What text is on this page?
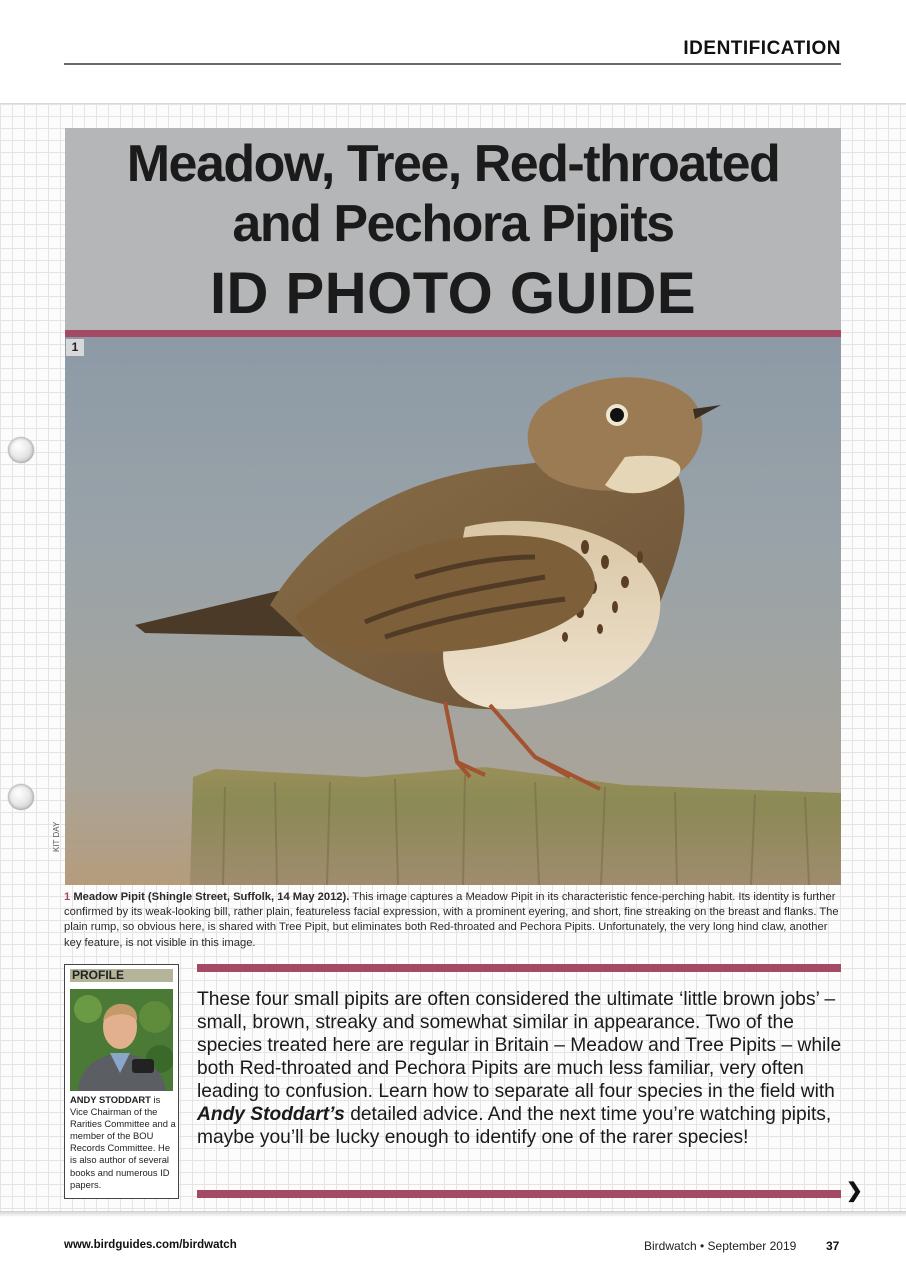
IDENTIFICATION
Meadow, Tree, Red-throated
and Pechora Pipits
ID PHOTO GUIDE
1
KIT DAY
1 Meadow Pipit (Shingle Street, Suffolk, 14 May 2012). This image captures a Meadow Pipit in its characteristic fence-perching habit. Its identity is further confirmed by its weak-looking bill, rather plain, featureless facial expression, with a prominent eyering, and short, fine streaking on the breast and flanks. The plain rump, so obvious here, is shared with Tree Pipit, but eliminates both Red-throated and Pechora Pipits. Unfortunately, the very long hind claw, another key feature, is not visible in this image.
PROFILE
ANDY STODDART is Vice Chairman of the Rarities Committee and a member of the BOU Records Committee. He is also author of several books and numerous ID papers.

These four small pipits are often considered the ultimate ‘little brown jobs’ – small, brown, streaky and somewhat similar in appearance. Two of the species treated here are regular in Britain – Meadow and Tree Pipits – while both Red-throated and Pechora Pipits are much less familiar, very often leading to confusion. Learn how to separate all four species in the field with Andy Stoddart’s detailed advice. And the next time you’re watching pipits, maybe you’ll be lucky enough to identify one of the rarer species!

❯
www.birdguides.com/birdwatch	Birdwatch • September 2019 37
